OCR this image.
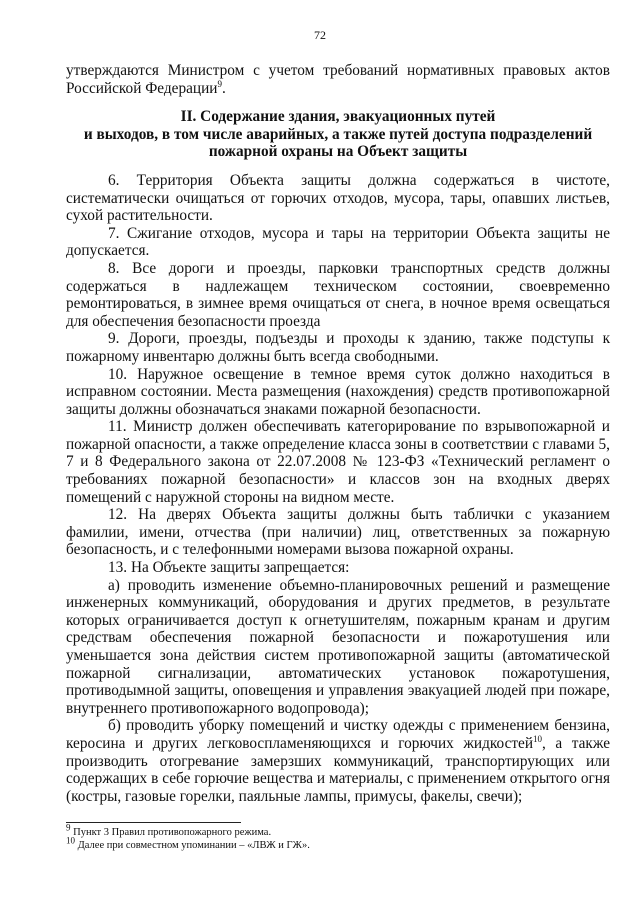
72

утверждаются Министром с учетом требований нормативных правовых актов Российской Федерации$^9$.

II. Содержание здания, эвакуационных путей
и выходов, в том числе аварийных, а также путей доступа подразделений
пожарной охраны на Объект защиты

6. Территория Объекта защиты должна содержаться в чистоте, систематически очищаться от горючих отходов, мусора, тары, опавших листьев, сухой растительности.

7. Сжигание отходов, мусора и тары на территории Объекта защиты не допускается.

8. Все дороги и проезды, парковки транспортных средств должны содержаться в надлежащем техническом состоянии, своевременно ремонтироваться, в зимнее время очищаться от снега, в ночное время освещаться для обеспечения безопасности проезда

9. Дороги, проезды, подъезды и проходы к зданию, также подступы к пожарному инвентарю должны быть всегда свободными.

10. Наружное освещение в темное время суток должно находиться в исправном состоянии. Места размещения (нахождения) средств противопожарной защиты должны обозначаться знаками пожарной безопасности.

11. Министр должен обеспечивать категорирование по взрывопожарной и пожарной опасности, а также определение класса зоны в соответствии с главами 5, 7 и 8 Федерального закона от 22.07.2008 № 123-ФЗ «Технический регламент о требованиях пожарной безопасности» и классов зон на входных дверях помещений с наружной стороны на видном месте.

12. На дверях Объекта защиты должны быть таблички с указанием фамилии, имени, отчества (при наличии) лиц, ответственных за пожарную безопасность, и с телефонными номерами вызова пожарной охраны.

13. На Объекте защиты запрещается:

а) проводить изменение объемно-планировочных решений и размещение инженерных коммуникаций, оборудования и других предметов, в результате которых ограничивается доступ к огнетушителям, пожарным кранам и другим средствам обеспечения пожарной безопасности и пожаротушения или уменьшается зона действия систем противопожарной защиты (автоматической пожарной сигнализации, автоматических установок пожаротушения, противодымной защиты, оповещения и управления эвакуацией людей при пожаре, внутреннего противопожарного водопровода);

б) проводить уборку помещений и чистку одежды с применением бензина, керосина и других легковоспламеняющихся и горючих жидкостей$^{10}$, а также производить отогревание замерзших коммуникаций, транспортирующих или содержащих в себе горючие вещества и материалы, с применением открытого огня (костры, газовые горелки, паяльные лампы, примусы, факелы, свечи);

$^9$ Пункт 3 Правил противопожарного режима.

$^{10}$ Далее при совместном упоминании – «ЛВЖ и ГЖ».
